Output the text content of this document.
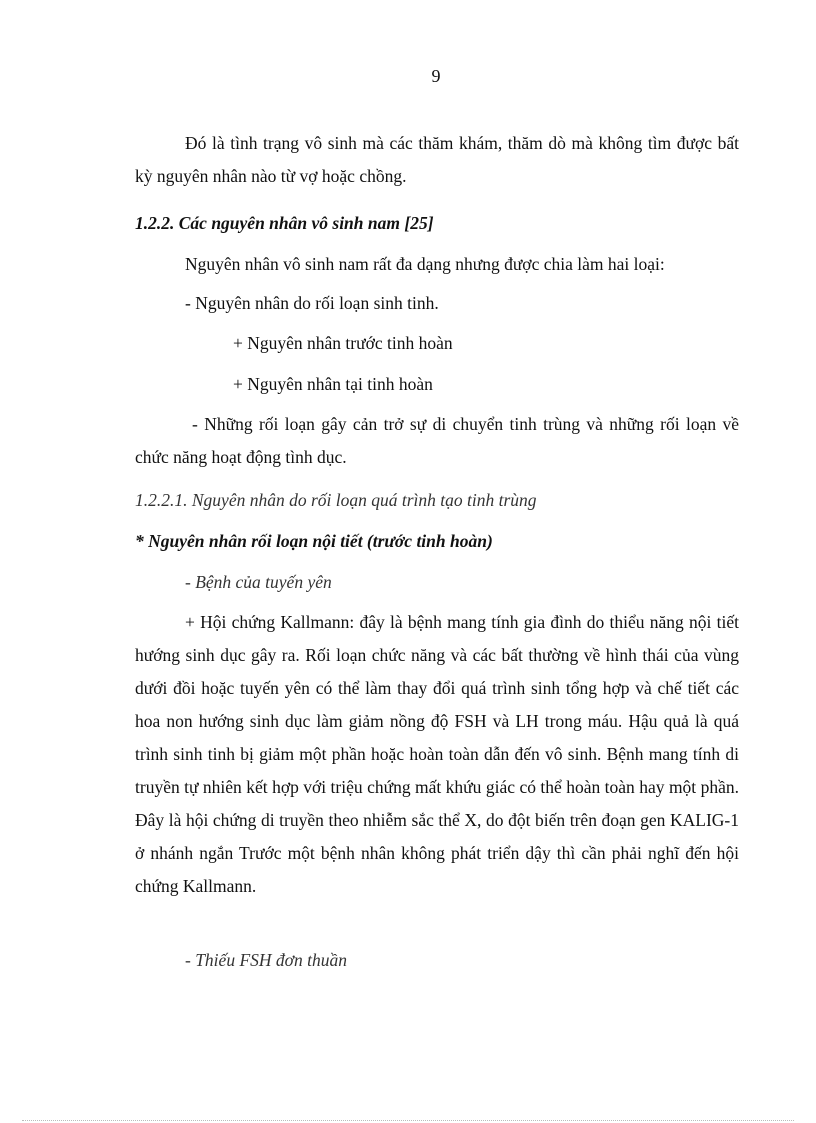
9

Đó là tình trạng vô sinh mà các thăm khám, thăm dò mà không tìm được bất kỳ nguyên nhân nào từ vợ hoặc chồng.

1.2.2. Các nguyên nhân vô sinh nam [25]
Nguyên nhân vô sinh nam rất đa dạng nhưng được chia làm hai loại:
- Nguyên nhân do rối loạn sinh tinh.
+ Nguyên nhân trước tinh hoàn
+ Nguyên nhân tại tinh hoàn

- Những rối loạn gây cản trở sự di chuyển tinh trùng và những rối loạn về chức năng hoạt động tình dục.

1.2.2.1. Nguyên nhân do rối loạn quá trình tạo tinh trùng
* Nguyên nhân rối loạn nội tiết (trước tinh hoàn)
- Bệnh của tuyến yên

+ Hội chứng Kallmann: đây là bệnh mang tính gia đình do thiểu năng nội tiết hướng sinh dục gây ra. Rối loạn chức năng và các bất thường về hình thái của vùng dưới đồi hoặc tuyến yên có thể làm thay đổi quá trình sinh tổng hợp và chế tiết các hoa non hướng sinh dục làm giảm nồng độ FSH và LH trong máu. Hậu quả là quá trình sinh tinh bị giảm một phần hoặc hoàn toàn dẫn đến vô sinh. Bệnh mang tính di truyền tự nhiên kết hợp với triệu chứng mất khứu giác có thể hoàn toàn hay một phần. Đây là hội chứng di truyền theo nhiễm sắc thể X, do đột biến trên đoạn gen KALIG-1 ở nhánh ngắn Trước một bệnh nhân không phát triển dậy thì cần phải nghĩ đến hội chứng Kallmann.

- Thiếu FSH đơn thuần
